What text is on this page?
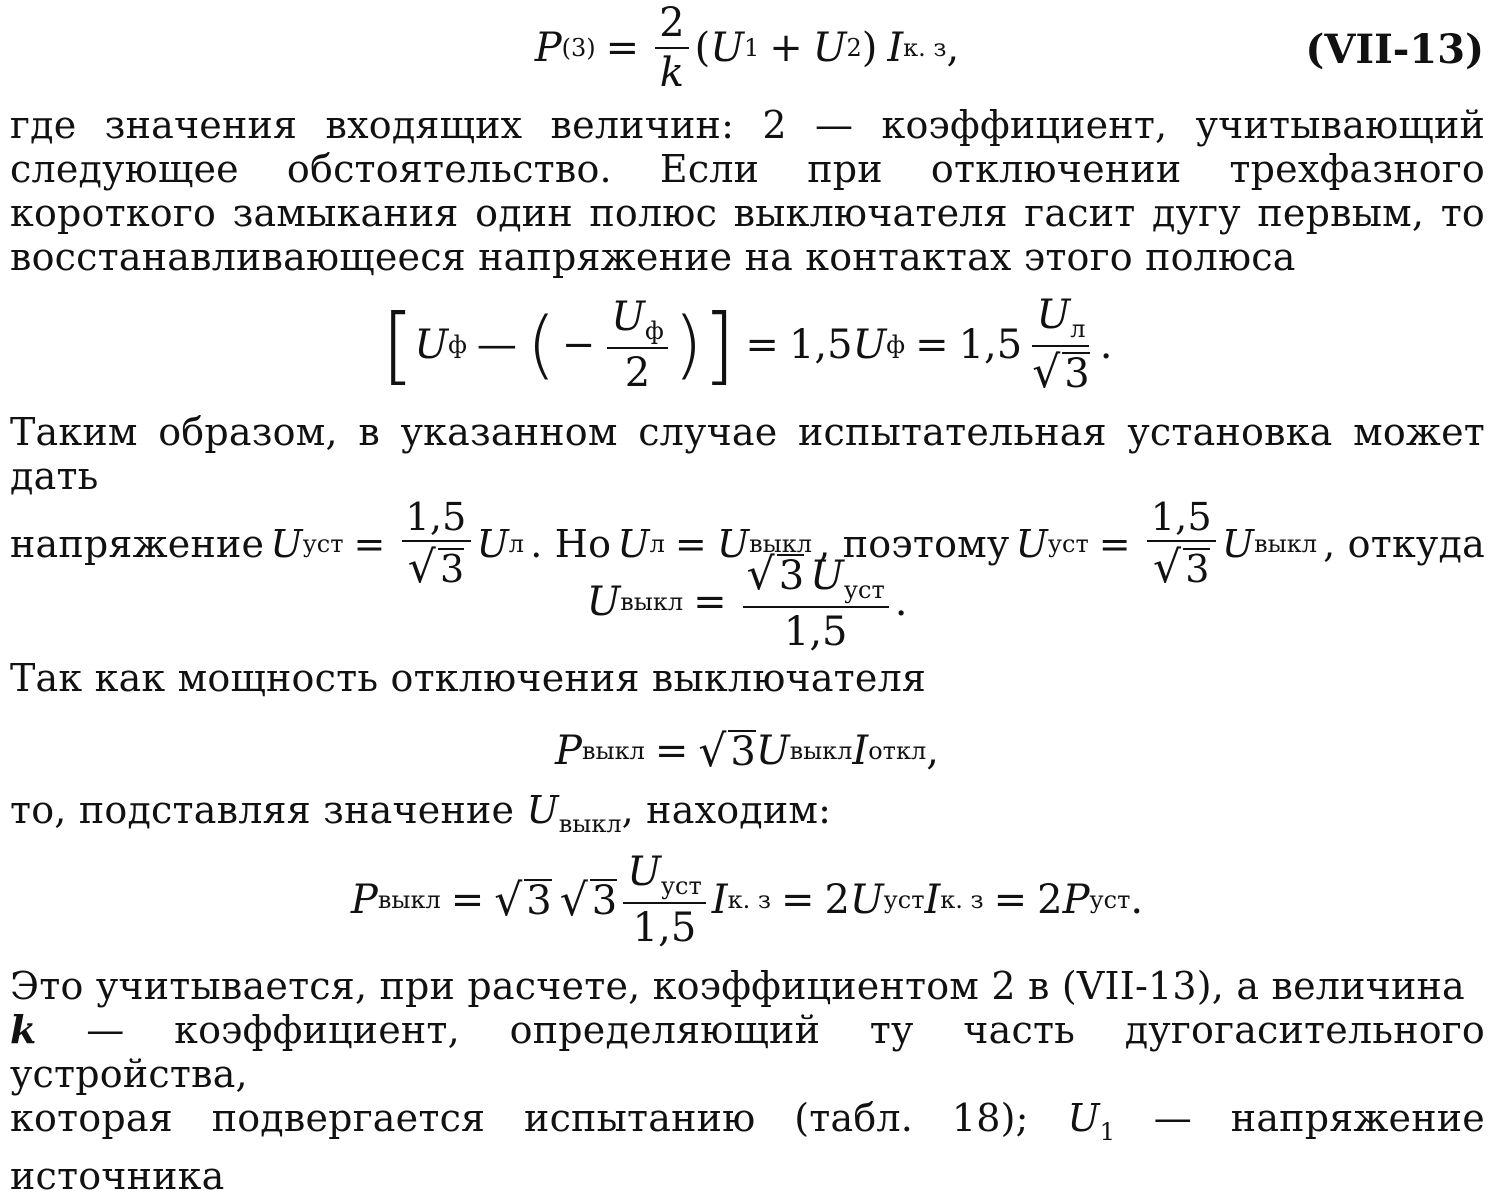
P $(3) = \frac{2}{k}$ ( U 1 + U 2 ) I к. з ,	(VII-13)
где значения входящих величин: 2 — коэффициент, учитывающий следующее обстоятельство. Если при отключении трехфазного короткого замыкания один полюс выключателя гасит дугу первым, то восстанавливающееся напряжение на контактах этого полюса
[ U ф — ( − $\frac{U_ф}{2}$ ) ] = 1,5 U $ф = 1,5 \frac{U_л}{√ 3}$ .
Таким образом, в указанном случае испытательная установка может дать
напряжение U уст = $\frac{1,5}{√ 3}$ U л . Но U л = U выкл , поэтому U уст = $\frac{1,5}{√ 3}$ U выкл , откуда
U выкл = $\frac{√ 3 U_{уст}}{1,5}$ .
Так как мощность отключения выключателя
P выкл = √ 3 U выкл I откл ,
то, подставляя значение $U_{выкл}$, находим:
P выкл = √ 3 √ $3 \frac{U_{уст}}{1,5}$ I к. з = 2 U уст I к. з = 2 P уст .
Это учитывается, при расчете, коэффициентом 2 в (VII-13), а величина
k — коэффициент, определяющий ту часть дугогасительного устройства,
которая подвергается испытанию (табл. 18); $U_1$ — напряжение источника
